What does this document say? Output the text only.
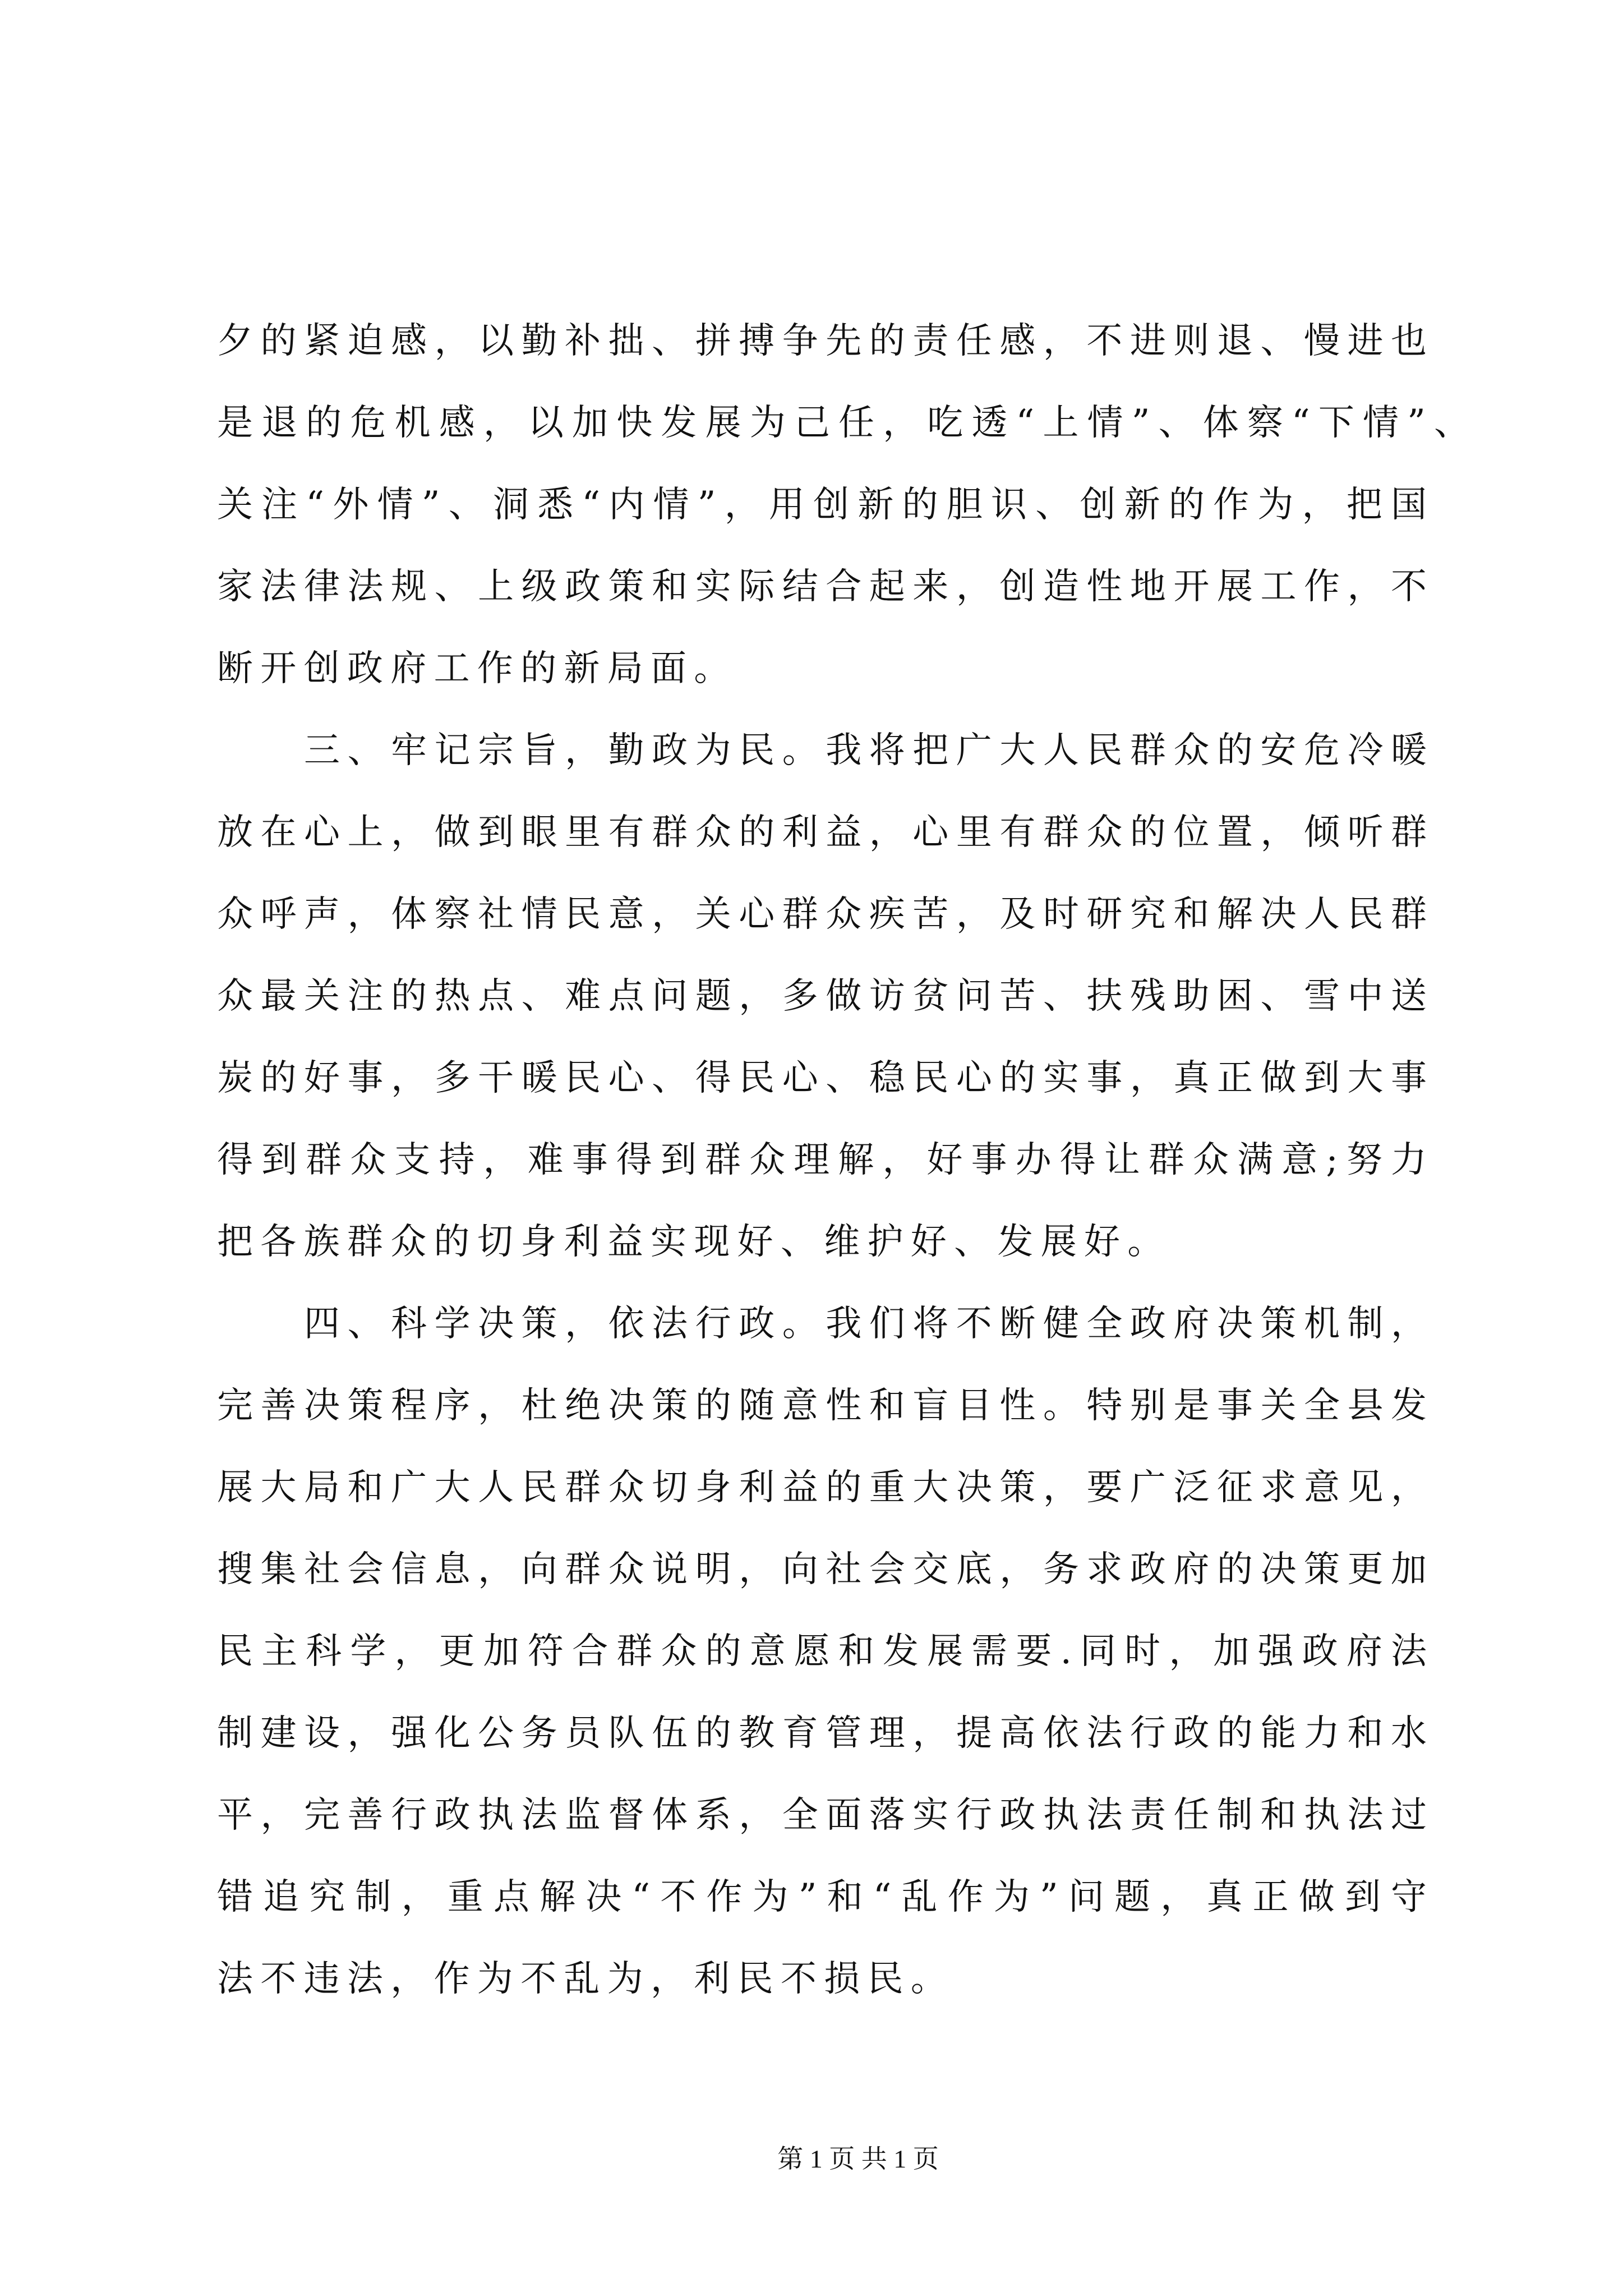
夕的紧迫感，以勤补拙、拼搏争先的责任感，不进则退、慢进也
是退的危机感，以加快发展为己任，吃透“上情”、体察“下情”、
关注“外情”、洞悉“内情”，用创新的胆识、创新的作为，把国
家法律法规、上级政策和实际结合起来，创造性地开展工作，不
断开创政府工作的新局面。
三、牢记宗旨，勤政为民。我将把广大人民群众的安危冷暖
放在心上，做到眼里有群众的利益，心里有群众的位置，倾听群
众呼声，体察社情民意，关心群众疾苦，及时研究和解决人民群
众最关注的热点、难点问题，多做访贫问苦、扶残助困、雪中送
炭的好事，多干暖民心、得民心、稳民心的实事，真正做到大事
得到群众支持，难事得到群众理解，好事办得让群众满意;努力
把各族群众的切身利益实现好、维护好、发展好。
四、科学决策，依法行政。我们将不断健全政府决策机制，
完善决策程序，杜绝决策的随意性和盲目性。特别是事关全县发
展大局和广大人民群众切身利益的重大决策，要广泛征求意见，
搜集社会信息，向群众说明，向社会交底，务求政府的决策更加
民主科学，更加符合群众的意愿和发展需要.同时，加强政府法
制建设，强化公务员队伍的教育管理，提高依法行政的能力和水
平，完善行政执法监督体系，全面落实行政执法责任制和执法过
错追究制，重点解决“不作为”和“乱作为”问题，真正做到守
法不违法，作为不乱为，利民不损民。
第 1 页 共 1 页
